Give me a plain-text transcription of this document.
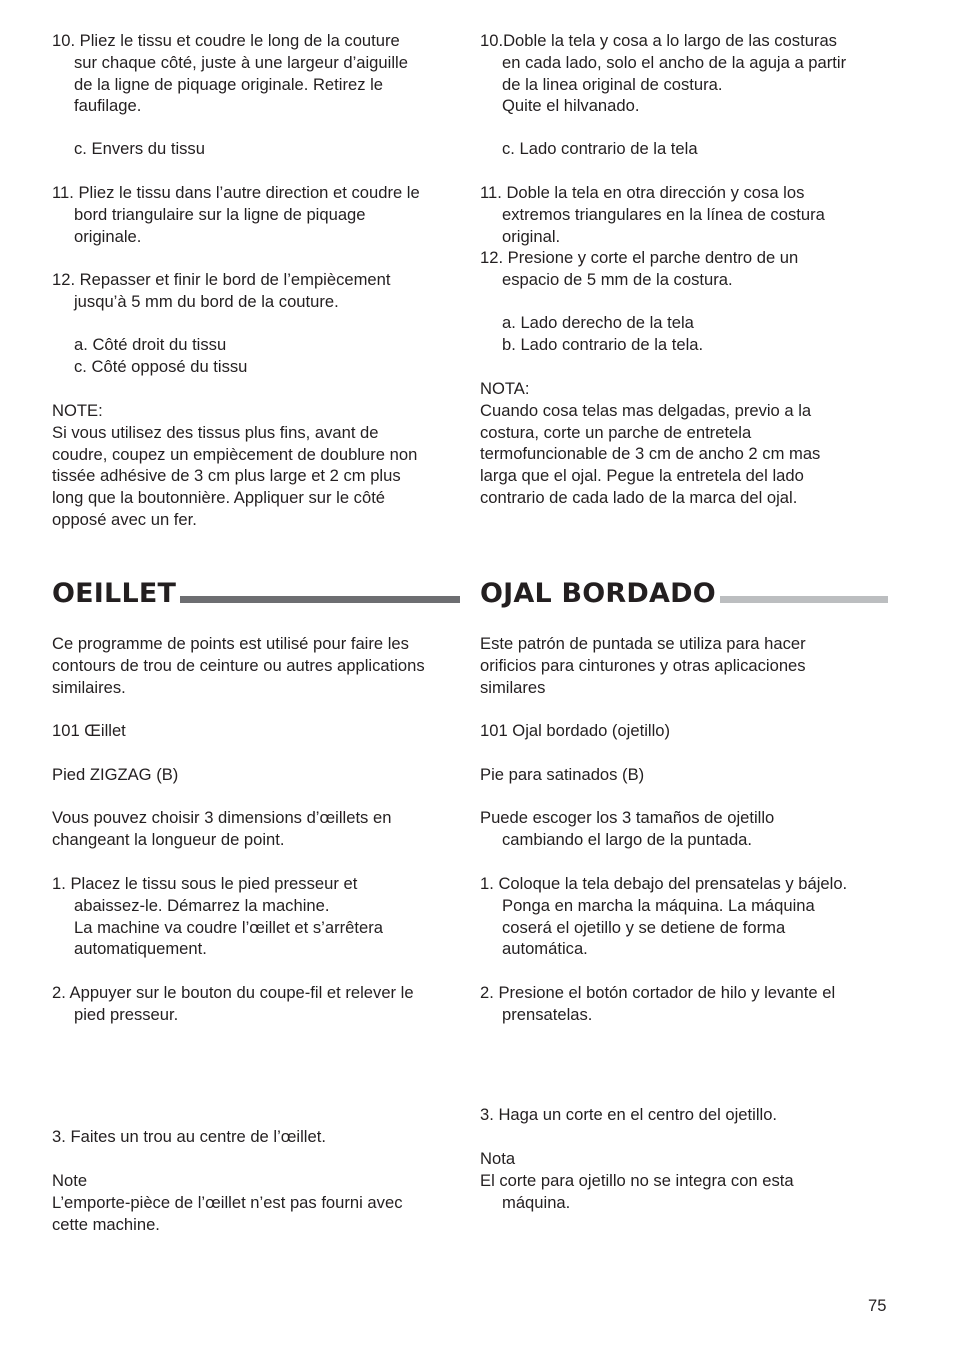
10. Pliez le tissu et coudre le long de la couture

sur chaque côté, juste à une largeur d’aiguille

de la ligne de piquage originale. Retirez le

faufilage.

c. Envers du tissu

11. Pliez le tissu dans l’autre direction et coudre le

bord triangulaire sur la ligne de piquage

originale.

12. Repasser et finir le bord de l’empiècement

jusqu’à 5 mm du bord de la couture.

a. Côté droit du tissu

c. Côté opposé du tissu

NOTE:

Si vous utilisez des tissus plus fins, avant de

coudre, coupez un empiècement de doublure non

tissée adhésive de 3 cm plus large et 2 cm plus

long que la boutonnière. Appliquer sur le côté

opposé avec un fer.

10.Doble la tela y cosa a lo largo de las costuras

en cada lado, solo el ancho de la aguja a partir

de la linea original de costura.

Quite el hilvanado.

c. Lado contrario de la tela

11. Doble la tela en otra dirección y cosa los

extremos triangulares en la línea de costura

original.

12. Presione y corte el parche dentro de un

espacio de 5 mm de la costura.

a. Lado derecho de la tela

b. Lado contrario de la tela.

NOTA:

Cuando cosa telas mas delgadas, previo a la

costura, corte un parche de entretela

termofuncionable de 3 cm de ancho 2 cm mas

larga que el ojal. Pegue la entretela del lado

contrario de cada lado de la marca del ojal.

OEILLET	OJAL BORDADO

Ce programme de points est utilisé pour faire les

contours de trou de ceinture ou autres applications

similaires.

101 Œillet

Pied ZIGZAG (B)

Vous pouvez choisir 3 dimensions d’œillets en

changeant la longueur de point.

1. Placez le tissu sous le pied presseur et

abaissez-le. Démarrez la machine.

La machine va coudre l’œillet et s’arrêtera

automatiquement.

2. Appuyer sur le bouton du coupe-fil et relever le

pied presseur.

3. Faites un trou au centre de l’œillet.

Note

L’emporte-pièce de l’œillet n’est pas fourni avec

cette machine.

Este patrón de puntada se utiliza para hacer

orificios para cinturones y otras aplicaciones

similares

101 Ojal bordado (ojetillo)

Pie para satinados (B)

Puede escoger los 3 tamaños de ojetillo

cambiando el largo de la puntada.

1. Coloque la tela debajo del prensatelas y bájelo.

Ponga en marcha la máquina. La máquina

coserá el ojetillo y se detiene de forma

automática.

2. Presione el botón cortador de hilo y levante el

prensatelas.

3. Haga un corte en el centro del ojetillo.

Nota

El corte para ojetillo no se integra con esta

máquina.

75
